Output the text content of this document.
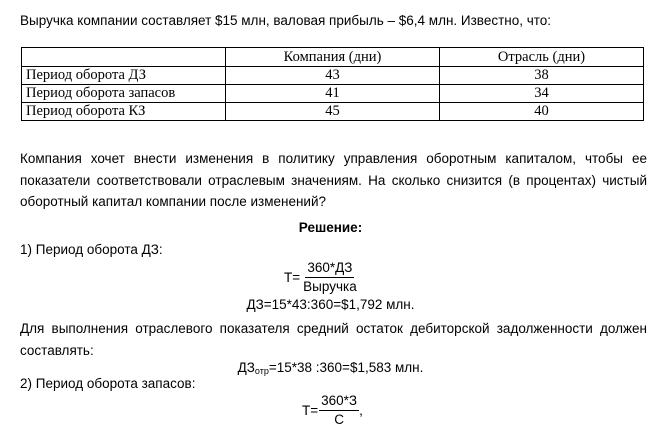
Выручка компании составляет $15 млн, валовая прибыль – $6,4 млн. Известно, что:
	Компания (дни)	Отрасль (дни)
Период оборота ДЗ	43	38
Период оборота запасов	41	34
Период оборота КЗ	45	40
Компания хочет внести изменения в политику управления оборотным капиталом, чтобы ее показатели соответствовали отраслевым значениям. На сколько снизится (в процентах) чистый оборотный капитал компании после изменений?
Решение:
1) Период оборота ДЗ:
$Т= \frac{360*ДЗ}{\text{Выручка}}$
ДЗ=15*43:360=$1,792 млн.
Для выполнения отраслевого показателя средний остаток дебиторской задолженности должен составлять:
$ДЗ_{отр}=15*38$ :360=$1,583 млн.
2) Период оборота запасов:
$Т= \frac{360*З}{С}$ ,
